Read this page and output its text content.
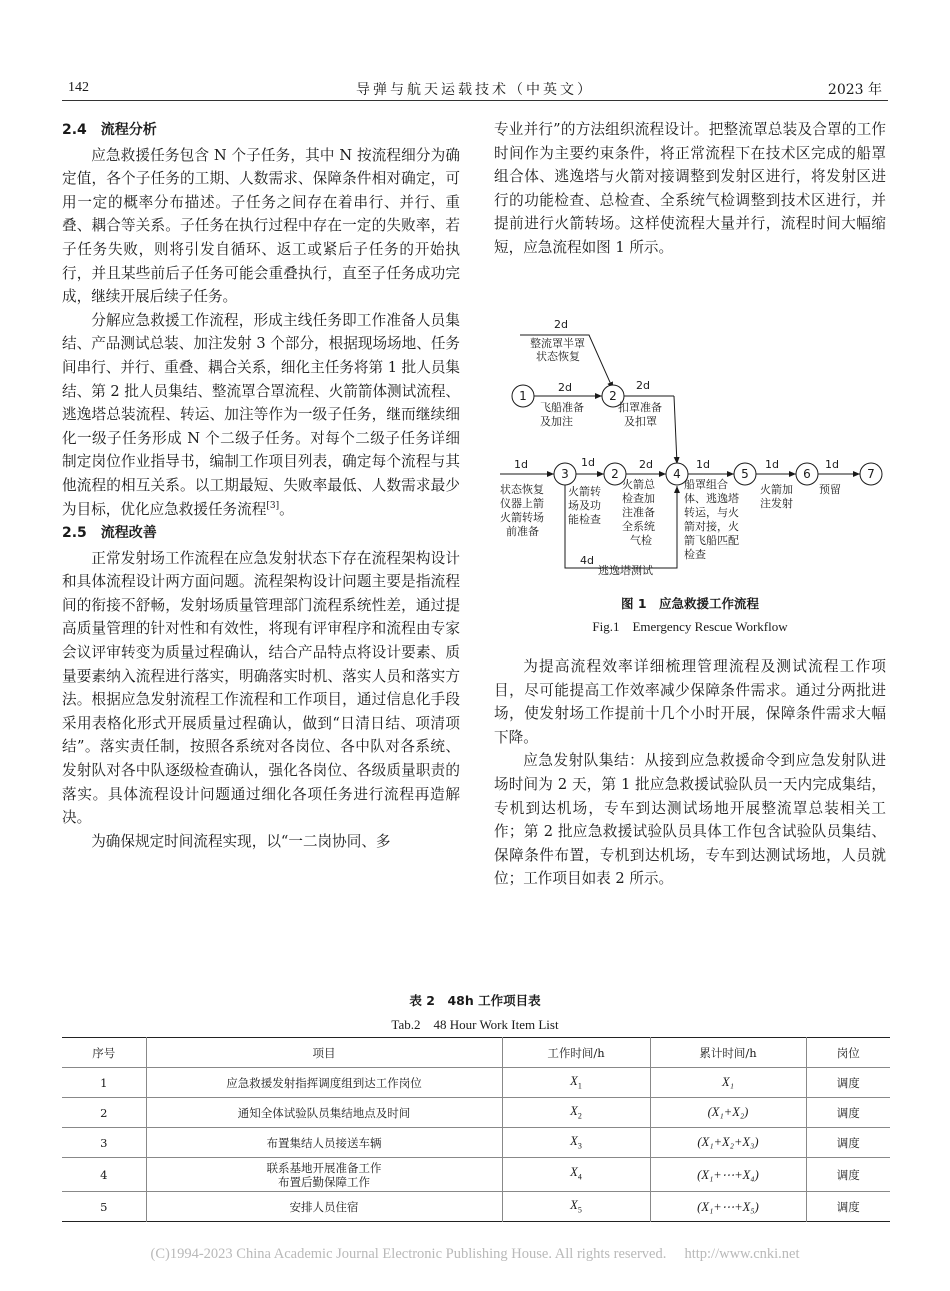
142	导弹与航天运载技术（中英文）	2023 年
2.4　流程分析

应急救援任务包含 N 个子任务，其中 N 按流程细分为确定值，各个子任务的工期、人数需求、保障条件相对确定，可用一定的概率分布描述。子任务之间存在着串行、并行、重叠、耦合等关系。子任务在执行过程中存在一定的失败率，若子任务失败，则将引发自循环、返工或紧后子任务的开始执行，并且某些前后子任务可能会重叠执行，直至子任务成功完成，继续开展后续子任务。

分解应急救援工作流程，形成主线任务即工作准备人员集结、产品测试总装、加注发射 3 个部分，根据现场场地、任务间串行、并行、重叠、耦合关系，细化主任务将第 1 批人员集结、第 2 批人员集结、整流罩合罩流程、火箭箭体测试流程、逃逸塔总装流程、转运、加注等作为一级子任务，继而继续细化一级子任务形成 N 个二级子任务。对每个二级子任务详细制定岗位作业指导书，编制工作项目列表，确定每个流程与其他流程的相互关系。以工期最短、失败率最低、人数需求最少为目标，优化应急救援任务流程[3]。

2.5　流程改善

正常发射场工作流程在应急发射状态下存在流程架构设计和具体流程设计两方面问题。流程架构设计问题主要是指流程间的衔接不舒畅，发射场质量管理部门流程系统性差，通过提高质量管理的针对性和有效性，将现有评审程序和流程由专家会议评审转变为质量过程确认，结合产品特点将设计要素、质量要素纳入流程进行落实，明确落实时机、落实人员和落实方法。根据应急发射流程工作流程和工作项目，通过信息化手段采用表格化形式开展质量过程确认，做到“日清日结、项清项结”。落实责任制，按照各系统对各岗位、各中队对各系统、发射队对各中队逐级检查确认，强化各岗位、各级质量职责的落实。具体流程设计问题通过细化各项任务进行流程再造解决。

为确保规定时间流程实现，以“一二岗协同、多

专业并行”的方法组织流程设计。把整流罩总装及合罩的工作时间作为主要约束条件，将正常流程下在技术区完成的船罩组合体、逃逸塔与火箭对接调整到发射区进行，将发射区进行的功能检查、总检查、全系统气检调整到技术区进行，并提前进行火箭转场。这样使流程大量并行，流程时间大幅缩短，应急流程如图 1 所示。

1	2
2
3	4	5	6	7
2d
2d	2d
1d	1d	2d	1d	1d	1d
4d
整流罩半罩
状态恢复
飞船准备
及加注
扣罩准备
及扣罩
状态恢复
仪器上箭
火箭转场
前准备
火箭转
场及功
能检查
火箭总
检查加
注准备
全系统
气检
船罩组合
体、逃逸塔
转运，与火
箭对接，火
箭飞船匹配
检查
火箭加
注发射
预留
逃逸塔测试
图 1　应急救援工作流程
Fig.1　Emergency Rescue Workflow

为提高流程效率详细梳理管理流程及测试流程工作项目，尽可能提高工作效率减少保障条件需求。通过分两批进场，使发射场工作提前十几个小时开展，保障条件需求大幅下降。

应急发射队集结：从接到应急救援命令到应急发射队进场时间为 2 天，第 1 批应急救援试验队员一天内完成集结，专机到达机场，专车到达测试场地开展整流罩总装相关工作；第 2 批应急救援试验队员具体工作包含试验队员集结、保障条件布置，专机到达机场，专车到达测试场地，人员就位；工作项目如表 2 所示。

表 2　48h 工作项目表
Tab.2　48 Hour Work Item List
序号	项目	工作时间/h	累计时间/h	岗位
1	应急救援发射指挥调度组到达工作岗位	$X_1$	X₁	调度
2	通知全体试验队员集结地点及时间	$X_2$	(X₁+X₂)	调度
3	布置集结人员接送车辆	$X_3$	(X₁+X₂+X₃)	调度
4	联系基地开展准备工作
布置后勤保障工作	$X_4$	(X₁+⋯+X₄)	调度
5	安排人员住宿	$X_5$	(X₁+⋯+X₅)	调度
(C)1994-2023 China Academic Journal Electronic Publishing House. All rights reserved.　 http://www.cnki.net
